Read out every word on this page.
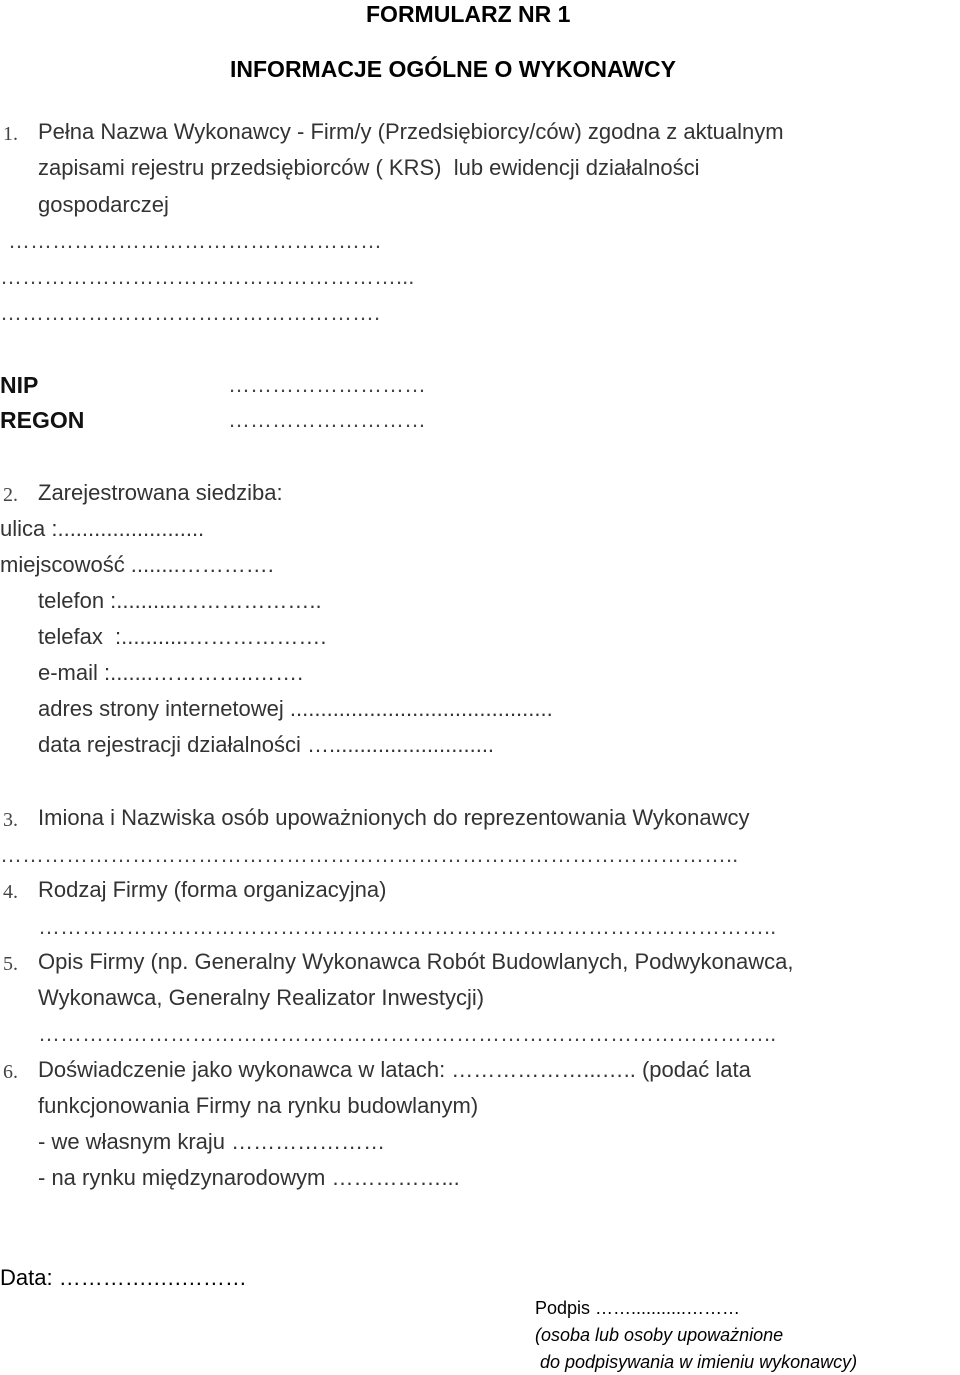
FORMULARZ NR 1
INFORMACJE OGÓLNE O WYKONAWCY
1. Pełna Nazwa Wykonawcy - Firm/y (Przedsiębiorcy/ców) zgodna z aktualnym
zapisami rejestru przedsiębiorców ( KRS)  lub ewidencji działalności
gospodarczej
……………………………………………
………………………………………………...
…………………………………………….
NIP	………………………
REGON	………………………
2. Zarejestrowana siedziba:
ulica :........................
miejscowość ........………….
telefon :..........………………..
telefax  :...........……………….
e-mail :.......…………..…….
adres strony internetowej ...........................................
data rejestracji działalności …...........................
3. Imiona i Nazwiska osób upoważnionych do reprezentowania Wykonawcy
………………………………………………………………………………………..
4. Rodzaj Firmy (forma organizacyjna)
………………………………………………………………………………………..
5. Opis Firmy (np. Generalny Wykonawca Robót Budowlanych, Podwykonawca,
Wykonawca, Generalny Realizator Inwestycji)
………………………………………………………………………………………..
6. Doświadczenie jako wykonawca w latach: ………………...….. (podać lata
funkcjonowania Firmy na rynku budowlanym)
- we własnym kraju …………………
- na rynku międzynarodowym ……………...
Data: ………….….………
Podpis ……...........………
(osoba lub osoby upoważnione
do podpisywania w imieniu wykonawcy)
